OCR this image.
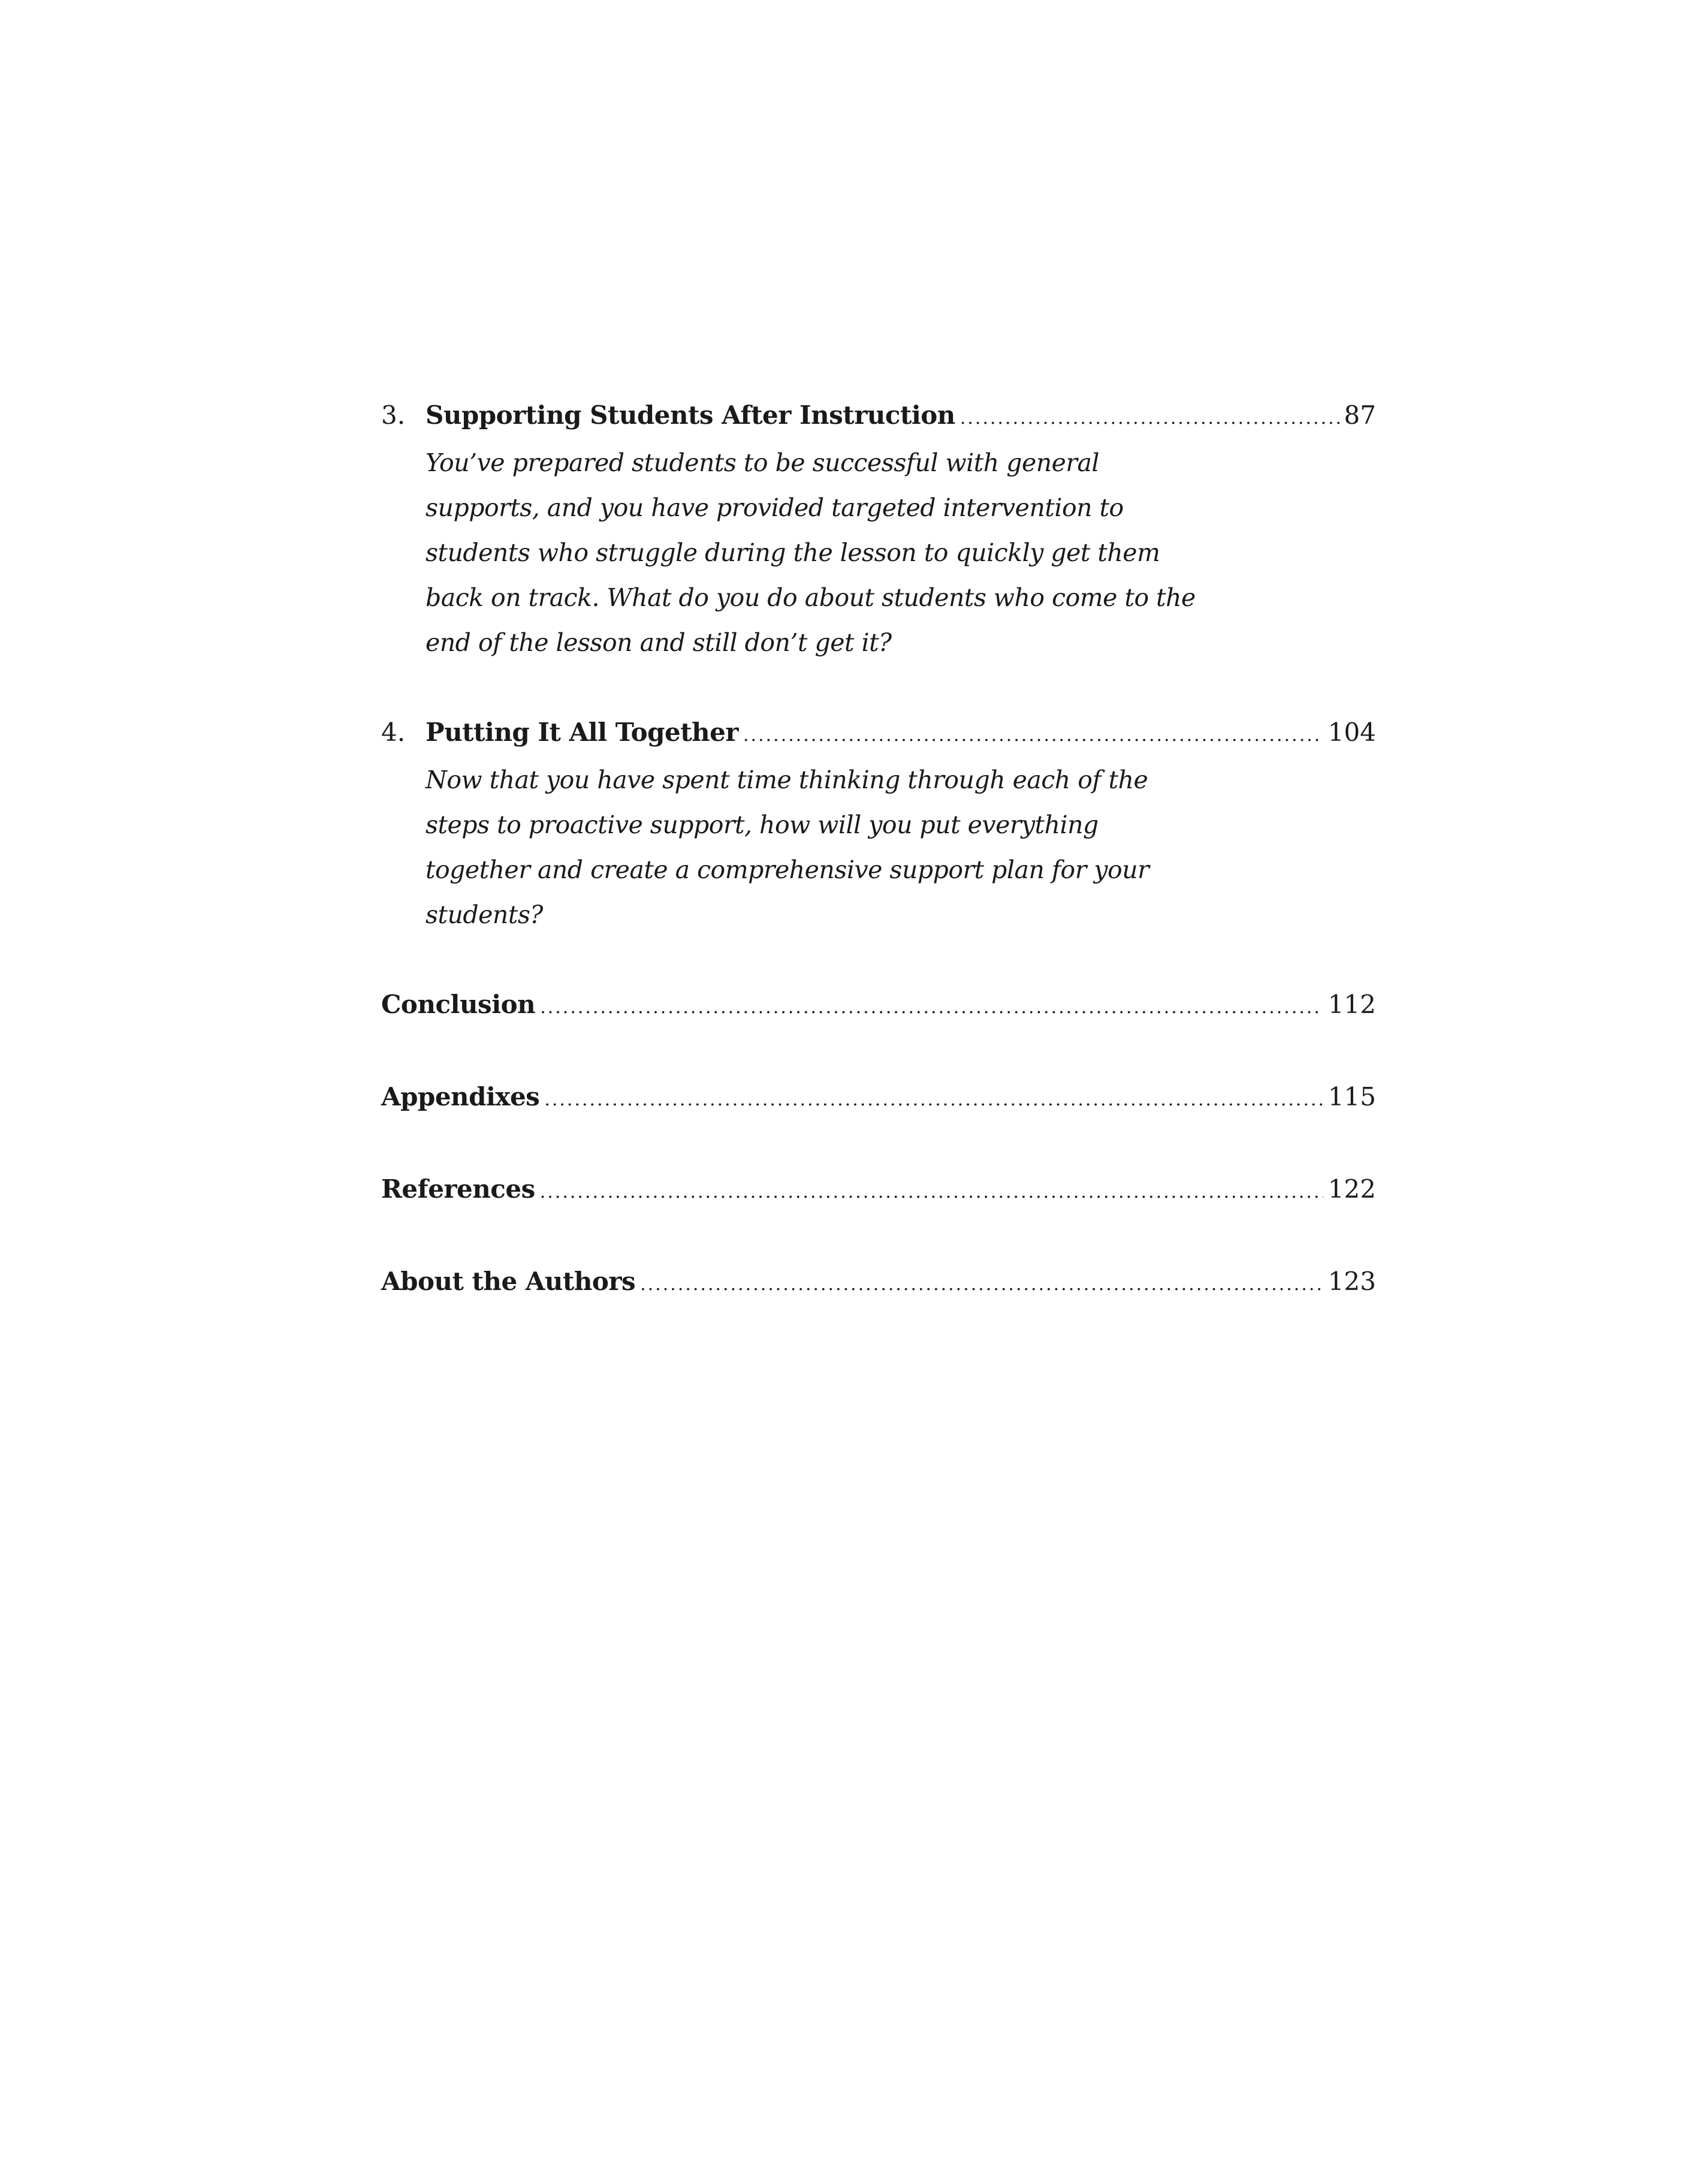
3. Supporting Students After Instruction .....	87
You’ve prepared students to be successful with general supports, and you have provided targeted intervention to students who struggle during the lesson to quickly get them back on track. What do you do about students who come to the end of the lesson and still don’t get it?
4. Putting It All Together .....	104
Now that you have spent time thinking through each of the steps to proactive support, how will you put everything together and create a comprehensive support plan for your students?
Conclusion .....	112
Appendixes .....	115
References .....	122
About the Authors .....	123
